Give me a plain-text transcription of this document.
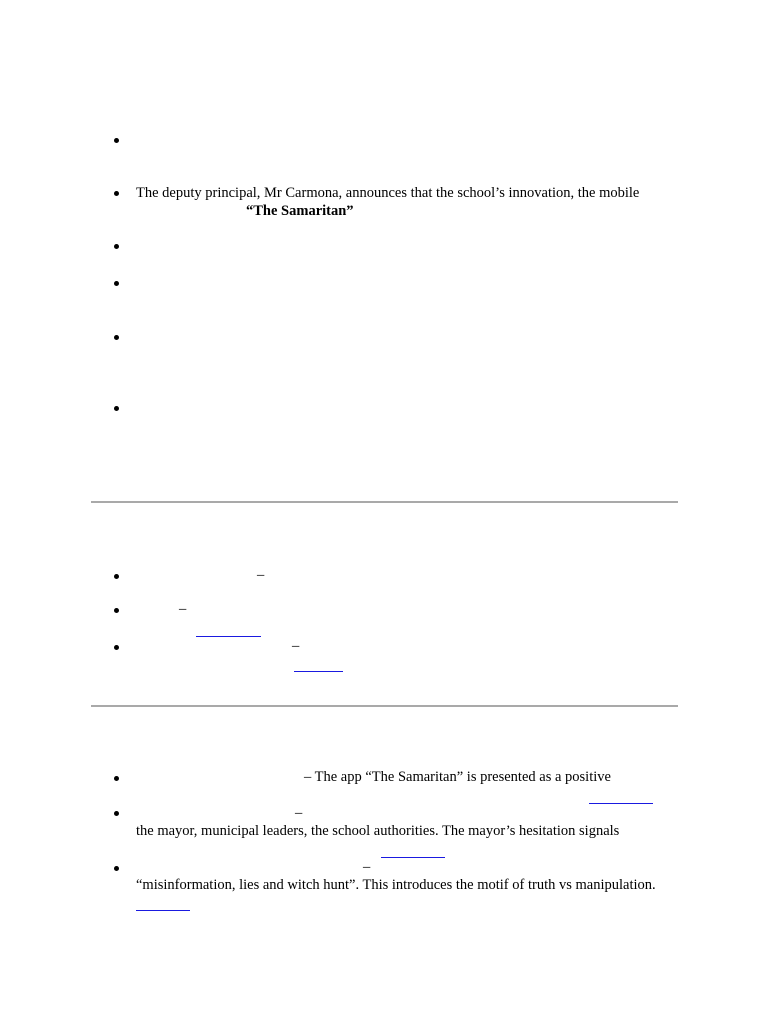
The deputy principal, Mr Carmona, announces that the school’s innovation, the mobile
“The Samaritan”
–
–
–
– The app “The Samaritan” is presented as a positive
–
the mayor, municipal leaders, the school authorities. The mayor’s hesitation signals
–
“misinformation, lies and witch hunt”. This introduces the motif of truth vs manipulation.
